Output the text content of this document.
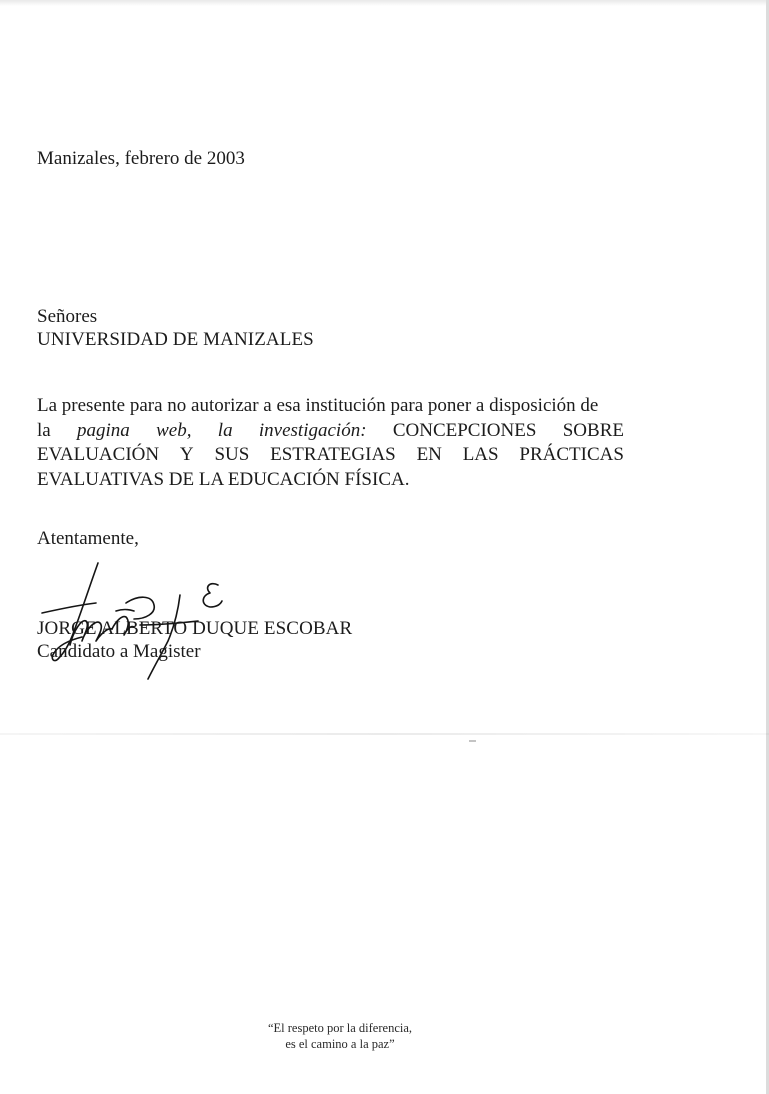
Manizales, febrero de 2003
Señores
UNIVERSIDAD DE MANIZALES
La presente para no autorizar a esa institución para poner a disposición de
la pagina web, la investigación: CONCEPCIONES SOBRE
EVALUACIÓN Y SUS ESTRATEGIAS EN LAS PRÁCTICAS
EVALUATIVAS DE LA EDUCACIÓN FÍSICA.
Atentamente,
JORGE ALBERTO DUQUE ESCOBAR
Candidato a Magister
“El respeto por la diferencia,
es el camino a la paz”
